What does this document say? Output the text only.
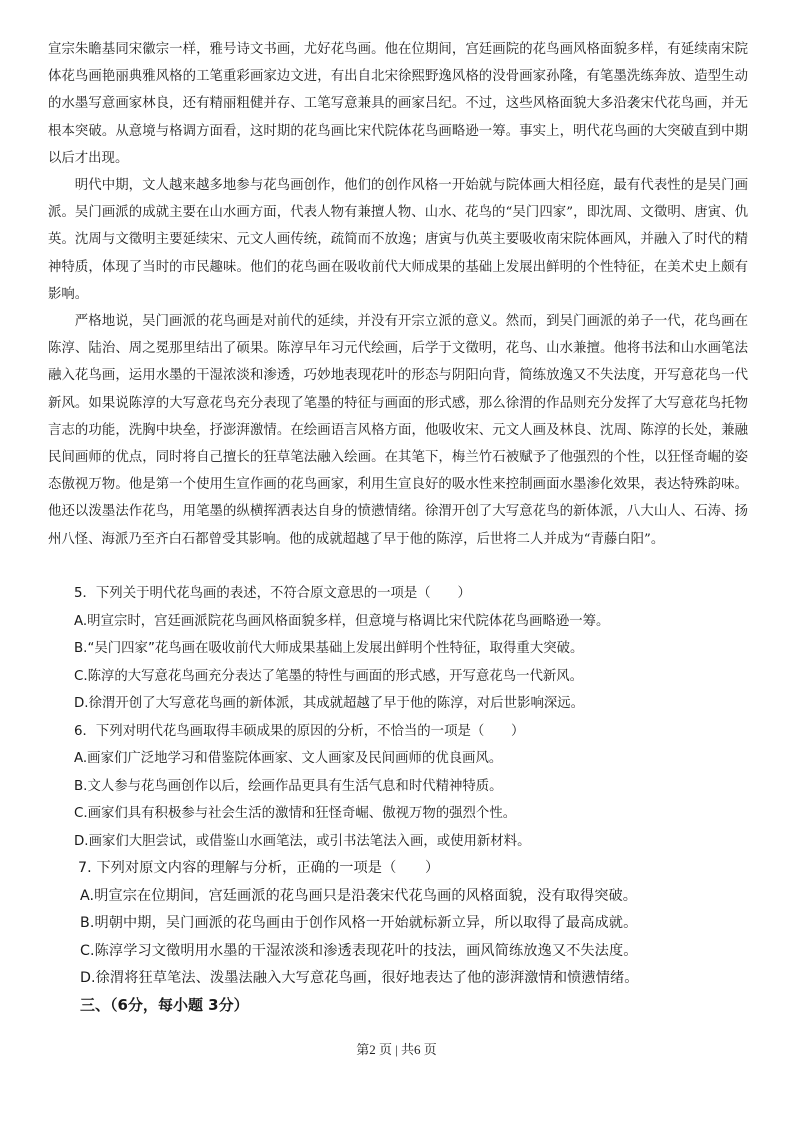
宣宗朱瞻基同宋徽宗一样，雅号诗文书画，尤好花鸟画。他在位期间，宫廷画院的花鸟画风格面貌多样，有延续南宋院体花鸟画艳丽典雅风格的工笔重彩画家边文进，有出自北宋徐熙野逸风格的没骨画家孙隆，有笔墨洗练奔放、造型生动的水墨写意画家林良，还有精丽粗健并存、工笔写意兼具的画家吕纪。不过，这些风格面貌大多沿袭宋代花鸟画，并无根本突破。从意境与格调方面看，这时期的花鸟画比宋代院体花鸟画略逊一筹。事实上，明代花鸟画的大突破直到中期以后才出现。

明代中期，文人越来越多地参与花鸟画创作，他们的创作风格一开始就与院体画大相径庭，最有代表性的是吴门画派。吴门画派的成就主要在山水画方面，代表人物有兼擅人物、山水、花鸟的“吴门四家”，即沈周、文徵明、唐寅、仇英。沈周与文徵明主要延续宋、元文人画传统，疏简而不放逸；唐寅与仇英主要吸收南宋院体画风，并融入了时代的精神特质，体现了当时的市民趣味。他们的花鸟画在吸收前代大师成果的基础上发展出鲜明的个性特征，在美术史上颇有影响。

严格地说，吴门画派的花鸟画是对前代的延续，并没有开宗立派的意义。然而，到吴门画派的弟子一代，花鸟画在陈淳、陆治、周之冕那里结出了硕果。陈淳早年习元代绘画，后学于文徵明，花鸟、山水兼擅。他将书法和山水画笔法融入花鸟画，运用水墨的干湿浓淡和渗透，巧妙地表现花叶的形态与阴阳向背，简练放逸又不失法度，开写意花鸟一代新风。如果说陈淳的大写意花鸟充分表现了笔墨的特征与画面的形式感，那么徐渭的作品则充分发挥了大写意花鸟托物言志的功能，洗胸中块垒，抒澎湃激情。在绘画语言风格方面，他吸收宋、元文人画及林良、沈周、陈淳的长处，兼融民间画师的优点，同时将自己擅长的狂草笔法融入绘画。在其笔下，梅兰竹石被赋予了他强烈的个性，以狂怪奇崛的姿态傲视万物。他是第一个使用生宣作画的花鸟画家，利用生宣良好的吸水性来控制画面水墨渗化效果，表达特殊韵味。他还以泼墨法作花鸟，用笔墨的纵横挥洒表达自身的愤懑情绪。徐渭开创了大写意花鸟的新体派，八大山人、石涛、扬州八怪、海派乃至齐白石都曾受其影响。他的成就超越了早于他的陈淳，后世将二人并成为“青藤白阳”。

5．下列关于明代花鸟画的表述，不符合原文意思的一项是（　　）
A.明宣宗时，宫廷画派院花鸟画风格面貌多样，但意境与格调比宋代院体花鸟画略逊一筹。
B.“吴门四家”花鸟画在吸收前代大师成果基础上发展出鲜明个性特征，取得重大突破。
C.陈淳的大写意花鸟画充分表达了笔墨的特性与画面的形式感，开写意花鸟一代新风。
D.徐渭开创了大写意花鸟画的新体派，其成就超越了早于他的陈淳，对后世影响深远。
6．下列对明代花鸟画取得丰硕成果的原因的分析，不恰当的一项是（　　）
A.画家们广泛地学习和借鉴院体画家、文人画家及民间画师的优良画风。
B.文人参与花鸟画创作以后，绘画作品更具有生活气息和时代精神特质。
C.画家们具有积极参与社会生活的激情和狂怪奇崛、傲视万物的强烈个性。
D.画家们大胆尝试，或借鉴山水画笔法，或引书法笔法入画，或使用新材料。
7. 下列对原文内容的理解与分析，正确的一项是（　　）
A.明宣宗在位期间，宫廷画派的花鸟画只是沿袭宋代花鸟画的风格面貌，没有取得突破。
B.明朝中期，吴门画派的花鸟画由于创作风格一开始就标新立异，所以取得了最高成就。
C.陈淳学习文徵明用水墨的干湿浓淡和渗透表现花叶的技法，画风简练放逸又不失法度。
D.徐渭将狂草笔法、泼墨法融入大写意花鸟画，很好地表达了他的澎湃激情和愤懑情绪。
三、（6分，每小题 3分）
第2 页 | 共6 页
